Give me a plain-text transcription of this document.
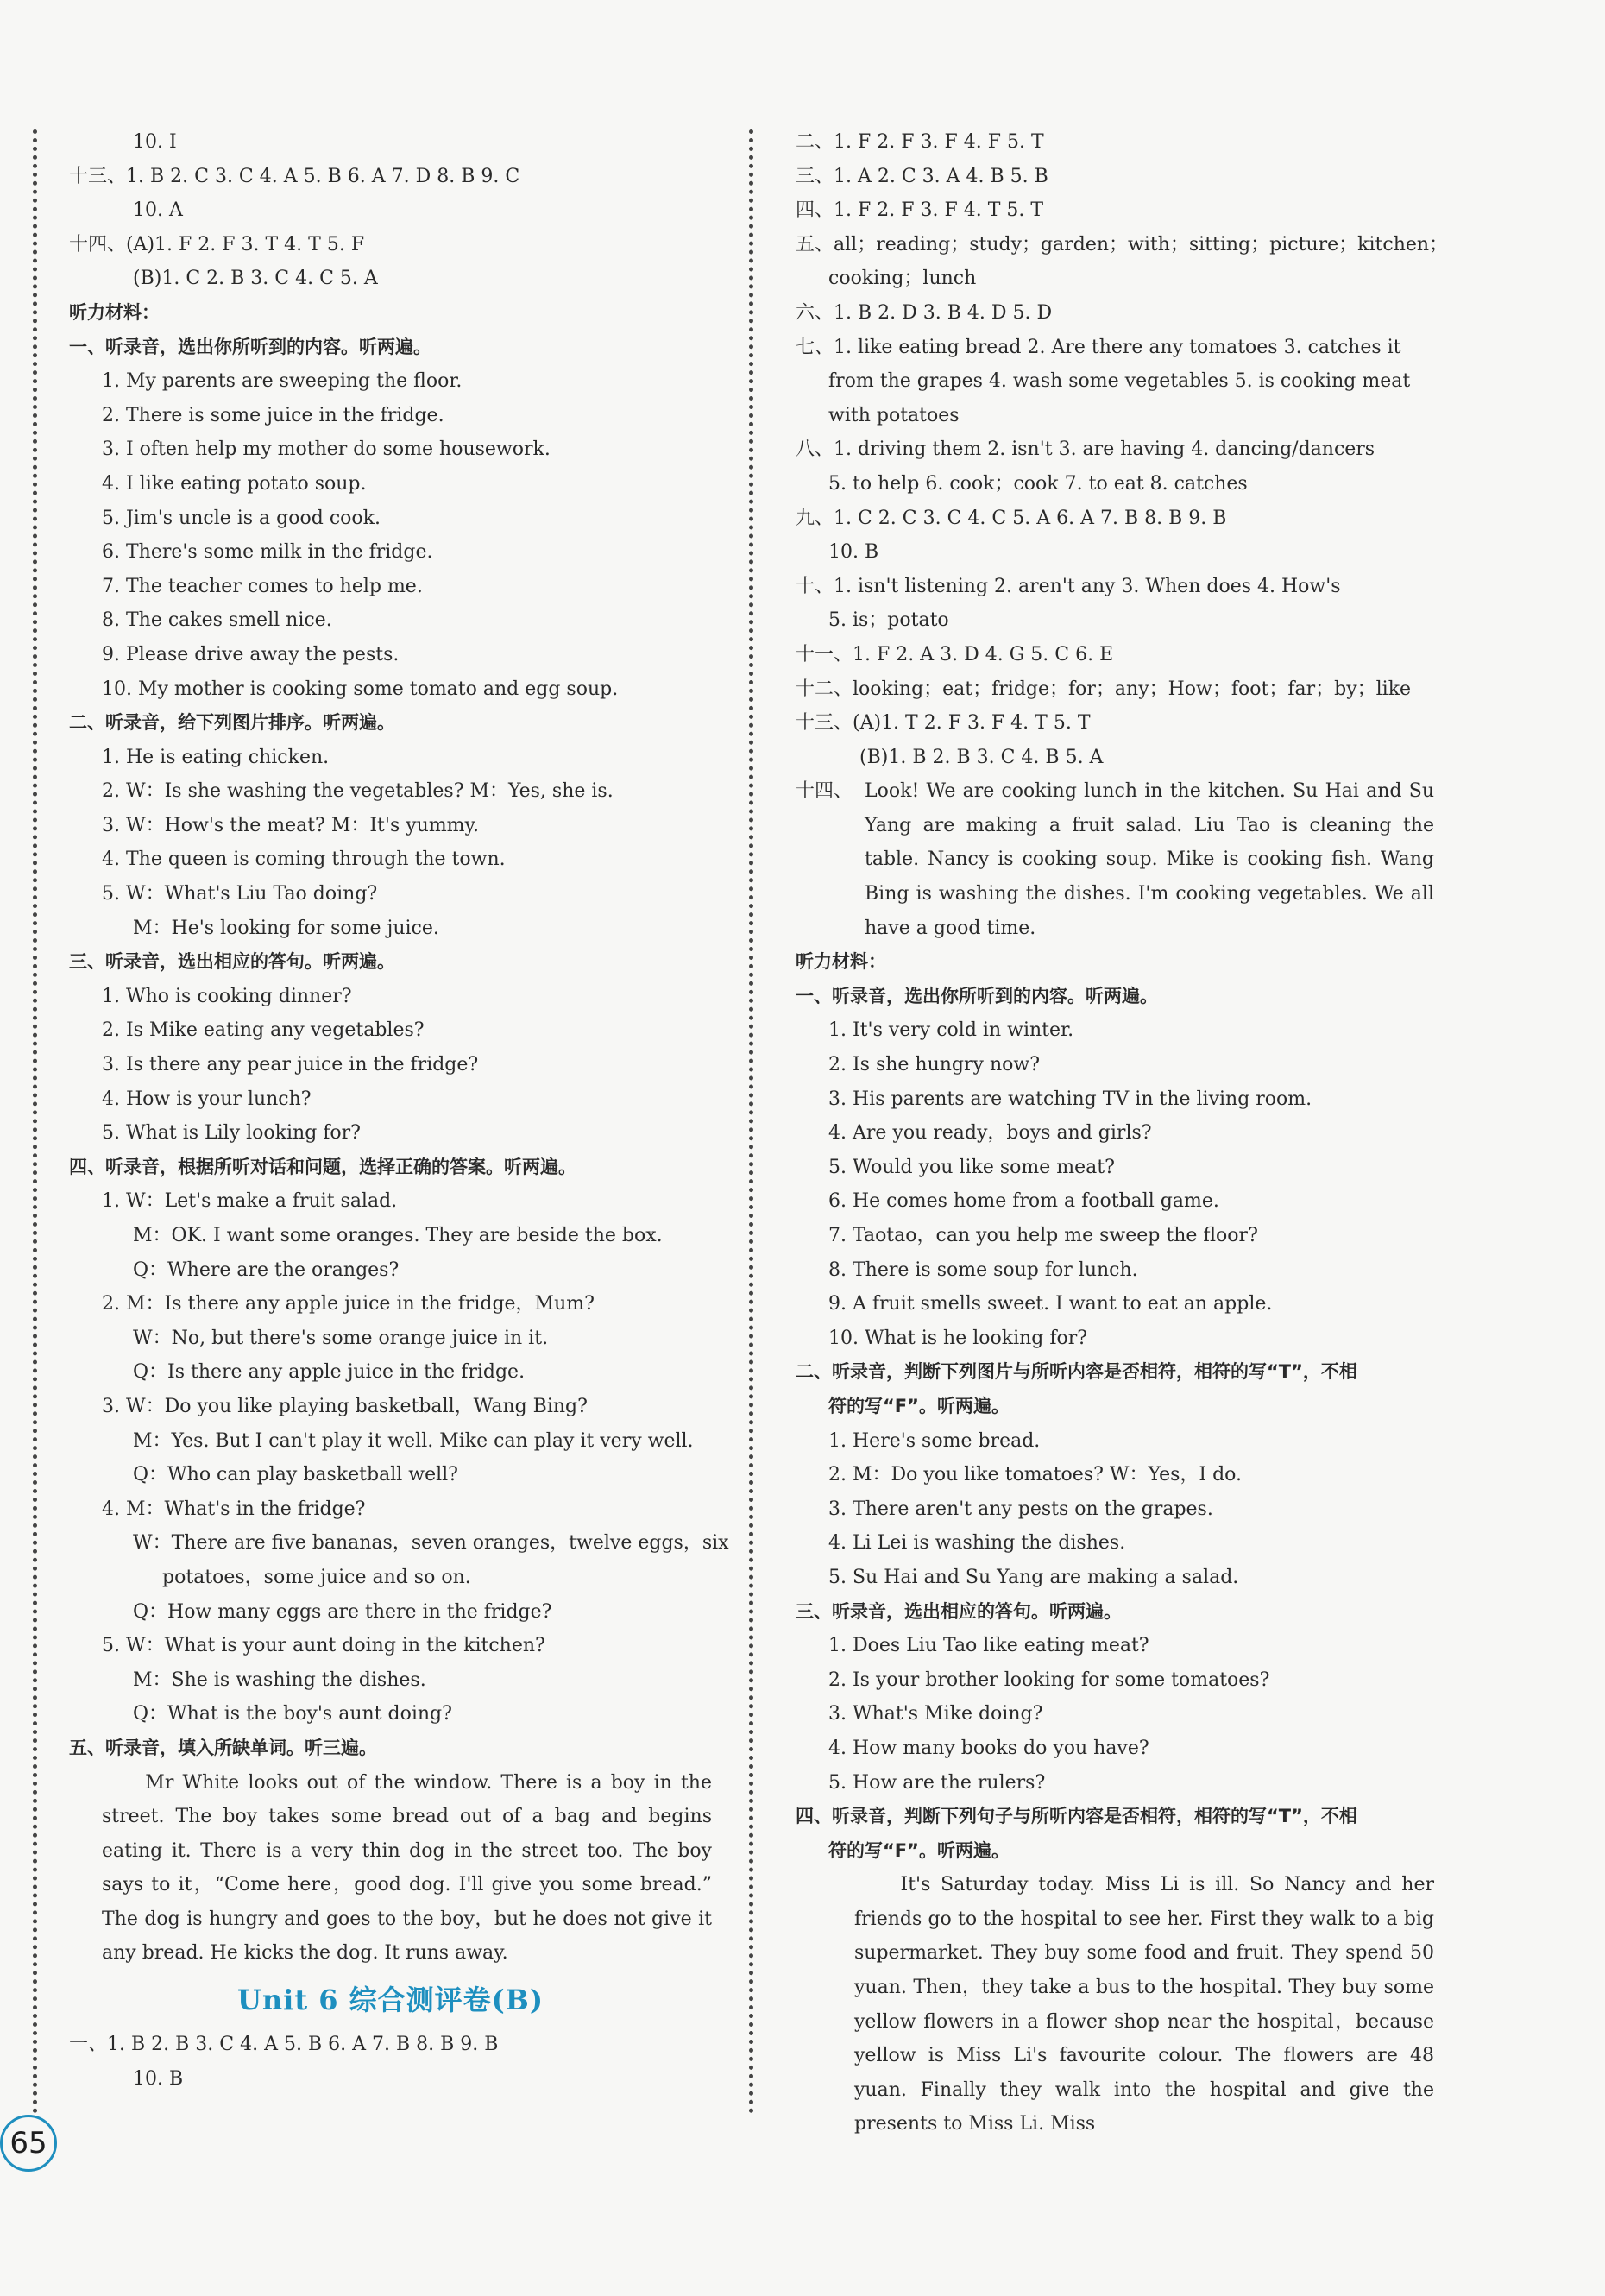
10. I

十三、1. B 2. C 3. C 4. A 5. B 6. A 7. D 8. B 9. C

10. A

十四、(A)1. F 2. F 3. T 4. T 5. F

(B)1. C 2. B 3. C 4. C 5. A

听力材料：

一、听录音，选出你所听到的内容。听两遍。

1. My parents are sweeping the floor.

2. There is some juice in the fridge.

3. I often help my mother do some housework.

4. I like eating potato soup.

5. Jim's uncle is a good cook.

6. There's some milk in the fridge.

7. The teacher comes to help me.

8. The cakes smell nice.

9. Please drive away the pests.

10. My mother is cooking some tomato and egg soup.

二、听录音，给下列图片排序。听两遍。

1. He is eating chicken.

2. W：Is she washing the vegetables? M：Yes, she is.

3. W：How's the meat? M：It's yummy.

4. The queen is coming through the town.

5. W：What's Liu Tao doing?

M：He's looking for some juice.

三、听录音，选出相应的答句。听两遍。

1. Who is cooking dinner?

2. Is Mike eating any vegetables?

3. Is there any pear juice in the fridge?

4. How is your lunch?

5. What is Lily looking for?

四、听录音，根据所听对话和问题，选择正确的答案。听两遍。

1. W：Let's make a fruit salad.

M：OK. I want some oranges. They are beside the box.

Q：Where are the oranges?

2. M：Is there any apple juice in the fridge，Mum?

W：No, but there's some orange juice in it.

Q：Is there any apple juice in the fridge.

3. W：Do you like playing basketball，Wang Bing?

M：Yes. But I can't play it well. Mike can play it very well.

Q：Who can play basketball well?

4. M：What's in the fridge?

W：There are five bananas，seven oranges，twelve eggs，six

potatoes，some juice and so on.

Q：How many eggs are there in the fridge?

5. W：What is your aunt doing in the kitchen?

M：She is washing the dishes.

Q：What is the boy's aunt doing?

五、听录音，填入所缺单词。听三遍。

　　Mr White looks out of the window. There is a boy in the street. The boy takes some bread out of a bag and begins eating it. There is a very thin dog in the street too. The boy says to it，“Come here，good dog. I'll give you some bread.” The dog is hungry and goes to the boy，but he does not give it any bread. He kicks the dog. It runs away.

Unit 6 综合测评卷(B)

一、1. B 2. B 3. C 4. A 5. B 6. A 7. B 8. B 9. B

10. B

二、1. F 2. F 3. F 4. F 5. T

三、1. A 2. C 3. A 4. B 5. B

四、1. F 2. F 3. F 4. T 5. T

五、all；reading；study；garden；with；sitting；picture；kitchen；

cooking；lunch

六、1. B 2. D 3. B 4. D 5. D

七、1. like eating bread 2. Are there any tomatoes 3. catches it

from the grapes 4. wash some vegetables 5. is cooking meat

with potatoes

八、1. driving them 2. isn't 3. are having 4. dancing/dancers

5. to help 6. cook；cook 7. to eat 8. catches

九、1. C 2. C 3. C 4. C 5. A 6. A 7. B 8. B 9. B

10. B

十、1. isn't listening 2. aren't any 3. When does 4. How's

5. is；potato

十一、1. F 2. A 3. D 4. G 5. C 6. E

十二、looking；eat；fridge；for；any；How；foot；far；by；like

十三、(A)1. T 2. F 3. F 4. T 5. T

(B)1. B 2. B 3. C 4. B 5. A

十四、 Look! We are cooking lunch in the kitchen. Su Hai and Su Yang are making a fruit salad. Liu Tao is cleaning the table. Nancy is cooking soup. Mike is cooking fish. Wang Bing is washing the dishes. I'm cooking vegetables. We all have a good time.

听力材料：

一、听录音，选出你所听到的内容。听两遍。

1. It's very cold in winter.

2. Is she hungry now?

3. His parents are watching TV in the living room.

4. Are you ready，boys and girls?

5. Would you like some meat?

6. He comes home from a football game.

7. Taotao，can you help me sweep the floor?

8. There is some soup for lunch.

9. A fruit smells sweet. I want to eat an apple.

10. What is he looking for?

二、听录音，判断下列图片与所听内容是否相符，相符的写“T”，不相

符的写“F”。听两遍。

1. Here's some bread.

2. M：Do you like tomatoes? W：Yes，I do.

3. There aren't any pests on the grapes.

4. Li Lei is washing the dishes.

5. Su Hai and Su Yang are making a salad.

三、听录音，选出相应的答句。听两遍。

1. Does Liu Tao like eating meat?

2. Is your brother looking for some tomatoes?

3. What's Mike doing?

4. How many books do you have?

5. How are the rulers?

四、听录音，判断下列句子与所听内容是否相符，相符的写“T”，不相

符的写“F”。听两遍。

　　It's Saturday today. Miss Li is ill. So Nancy and her friends go to the hospital to see her. First they walk to a big supermarket. They buy some food and fruit. They spend 50 yuan. Then，they take a bus to the hospital. They buy some yellow flowers in a flower shop near the hospital，because yellow is Miss Li's favourite colour. The flowers are 48 yuan. Finally they walk into the hospital and give the presents to Miss Li. Miss

65
